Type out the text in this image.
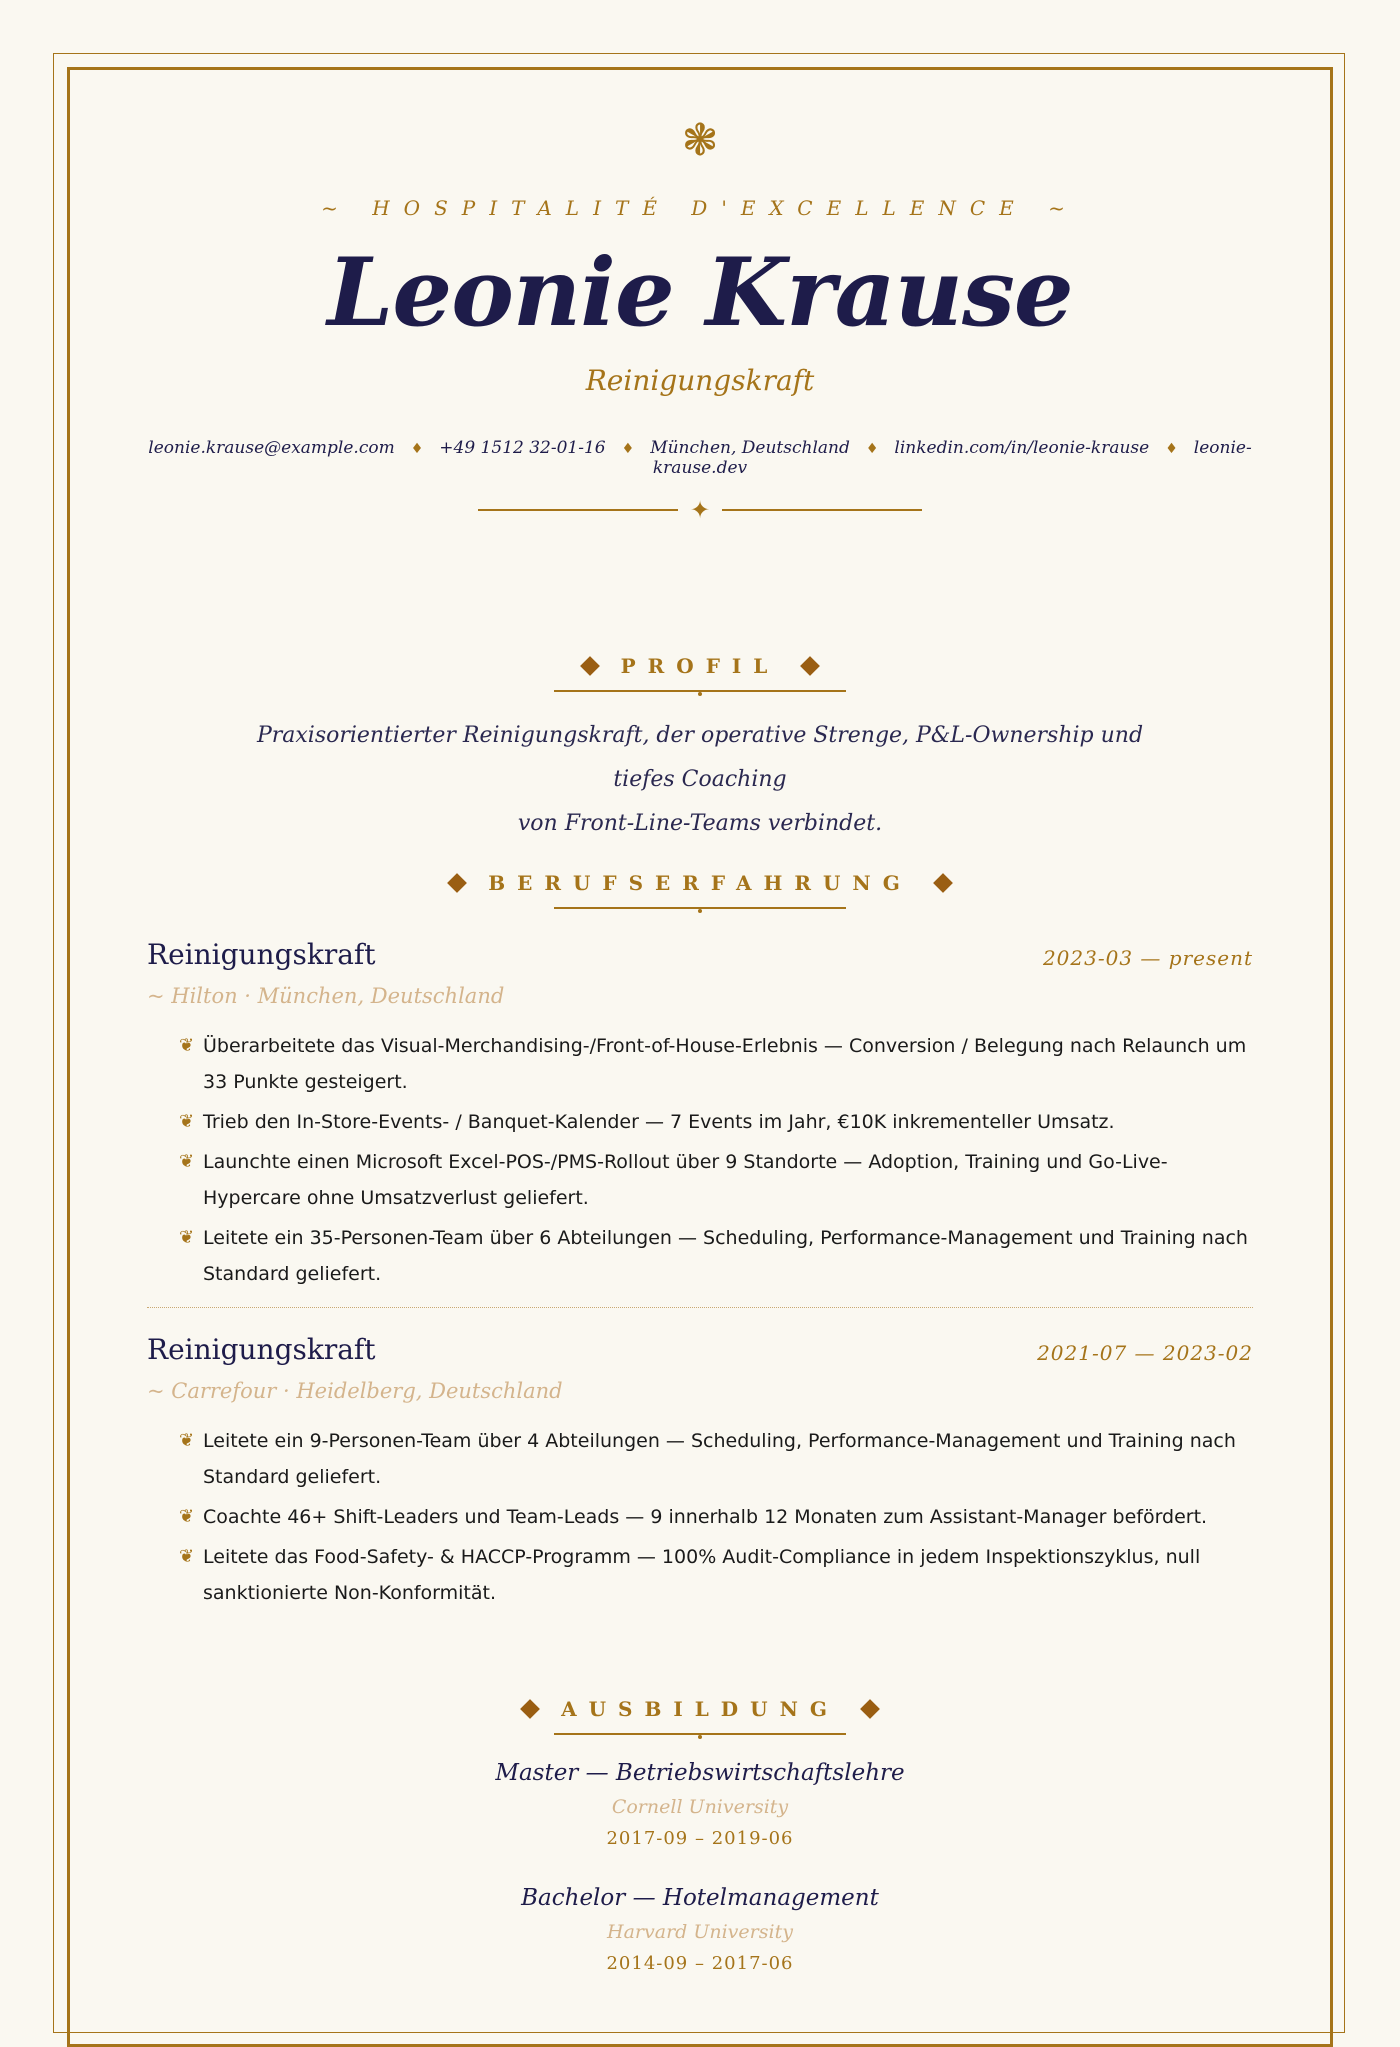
❃
~ HOSPITALITÉ D'EXCELLENCE ~
Leonie Krause
Reinigungskraft
leonie.krause@example.com ♦ +49 1512 32-01-16 ♦ München, Deutschland ♦ linkedin.com/in/leonie-krause ♦ leonie-krause.dev
✦
PROFIL
Praxisorientierter Reinigungskraft, der operative Strenge, P&L-Ownership und tiefes Coaching
von Front-Line-Teams verbindet.
BERUFSERFAHRUNG
Reinigungskraft	2023-03 — present
~ Hilton · München, Deutschland
❦ Überarbeitete das Visual-Merchandising-/Front-of-House-Erlebnis — Conversion / Belegung nach Relaunch um 33 Punkte gesteigert.
❦ Trieb den In-Store-Events- / Banquet-Kalender — 7 Events im Jahr, €10K inkrementeller Umsatz.
❦ Launchte einen Microsoft Excel-POS-/PMS-Rollout über 9 Standorte — Adoption, Training und Go-Live-Hypercare ohne Umsatzverlust geliefert.
❦ Leitete ein 35-Personen-Team über 6 Abteilungen — Scheduling, Performance-Management und Training nach Standard geliefert.
Reinigungskraft	2021-07 — 2023-02
~ Carrefour · Heidelberg, Deutschland
❦ Leitete ein 9-Personen-Team über 4 Abteilungen — Scheduling, Performance-Management und Training nach Standard geliefert.
❦ Coachte 46+ Shift-Leaders und Team-Leads — 9 innerhalb 12 Monaten zum Assistant-Manager befördert.
❦ Leitete das Food-Safety- & HACCP-Programm — 100% Audit-Compliance in jedem Inspektionszyklus, null sanktionierte Non-Konformität.
AUSBILDUNG
Master — Betriebswirtschaftslehre
Cornell University
2017-09 – 2019-06
Bachelor — Hotelmanagement
Harvard University
2014-09 – 2017-06
